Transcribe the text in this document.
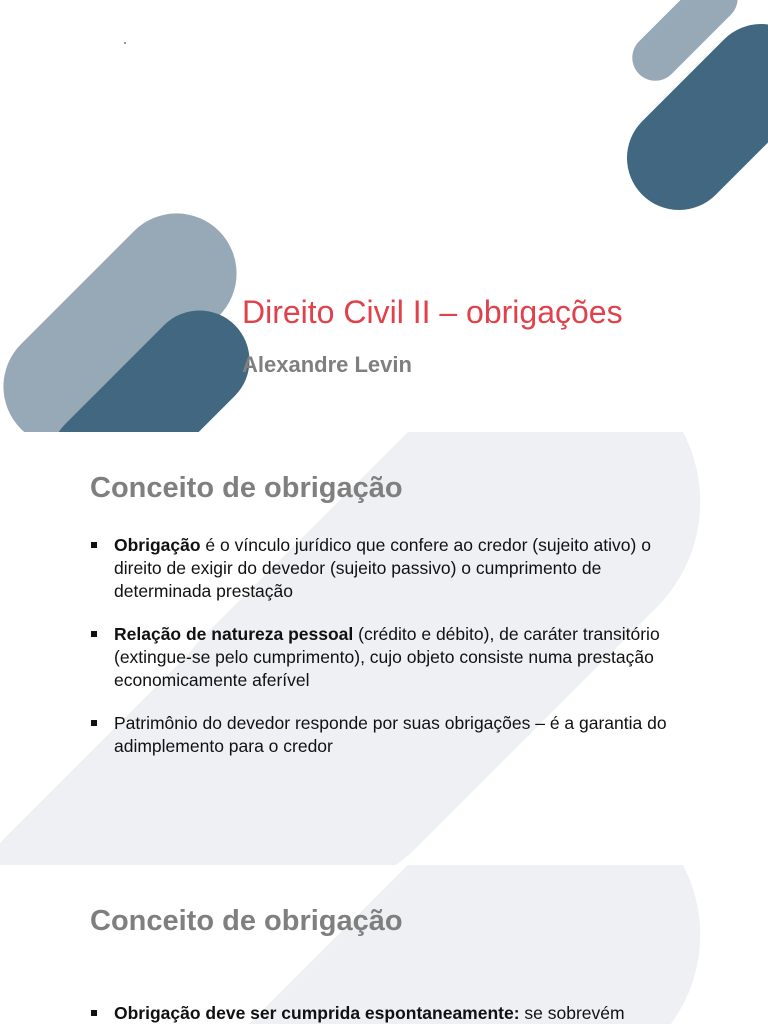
Direito Civil II – obrigações
Alexandre Levin
Conceito de obrigação
Obrigação é o vínculo jurídico que confere ao credor (sujeito ativo) o direito de exigir do devedor (sujeito passivo) o cumprimento de determinada prestação
Relação de natureza pessoal (crédito e débito), de caráter transitório (extingue-se pelo cumprimento), cujo objeto consiste numa prestação economicamente aferível
Patrimônio do devedor responde por suas obrigações – é a garantia do adimplemento para o credor
Conceito de obrigação
Obrigação deve ser cumprida espontaneamente: se sobrevém
